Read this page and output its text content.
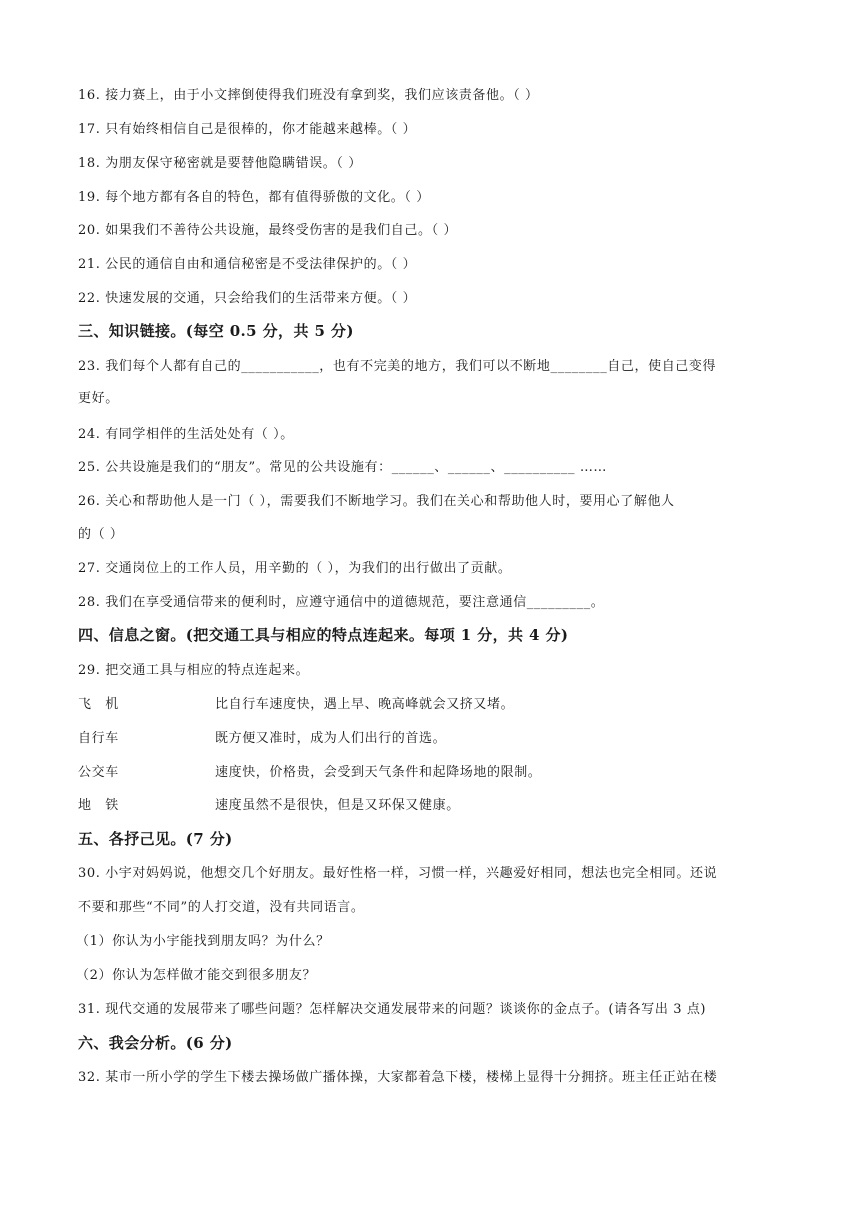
16. 接力赛上，由于小文摔倒使得我们班没有拿到奖，我们应该责备他。（ ）
17. 只有始终相信自己是很棒的，你才能越来越棒。（ ）
18. 为朋友保守秘密就是要替他隐瞒错误。（ ）
19. 每个地方都有各自的特色，都有值得骄傲的文化。（ ）
20. 如果我们不善待公共设施，最终受伤害的是我们自己。（ ）
21. 公民的通信自由和通信秘密是不受法律保护的。（ ）
22. 快速发展的交通，只会给我们的生活带来方便。（ ）
三、知识链接。(每空 0.5 分，共 5 分)
23. 我们每个人都有自己的___________，也有不完美的地方，我们可以不断地________自己，使自己变得
更好。
24. 有同学相伴的生活处处有（ ）。
25. 公共设施是我们的“朋友”。常见的公共设施有：______、______、__________ ……
26. 关心和帮助他人是一门（ ），需要我们不断地学习。我们在关心和帮助他人时，要用心了解他人
的（ ）
27. 交通岗位上的工作人员，用辛勤的（ ），为我们的出行做出了贡献。
28. 我们在享受通信带来的便利时，应遵守通信中的道德规范，要注意通信_________。
四、信息之窗。(把交通工具与相应的特点连起来。每项 1 分，共 4 分)
29. 把交通工具与相应的特点连起来。
飞　机	比自行车速度快，遇上早、晚高峰就会又挤又堵。
自行车	既方便又准时，成为人们出行的首选。
公交车	速度快，价格贵，会受到天气条件和起降场地的限制。
地　铁	速度虽然不是很快，但是又环保又健康。
五、各抒己见。(7 分)
30. 小宇对妈妈说，他想交几个好朋友。最好性格一样，习惯一样，兴趣爱好相同，想法也完全相同。还说
不要和那些“不同”的人打交道，没有共同语言。
（1）你认为小宇能找到朋友吗？为什么？
（2）你认为怎样做才能交到很多朋友？
31. 现代交通的发展带来了哪些问题？怎样解决交通发展带来的问题？谈谈你的金点子。(请各写出 3 点)
六、我会分析。(6 分)
32. 某市一所小学的学生下楼去操场做广播体操，大家都着急下楼，楼梯上显得十分拥挤。班主任正站在楼
